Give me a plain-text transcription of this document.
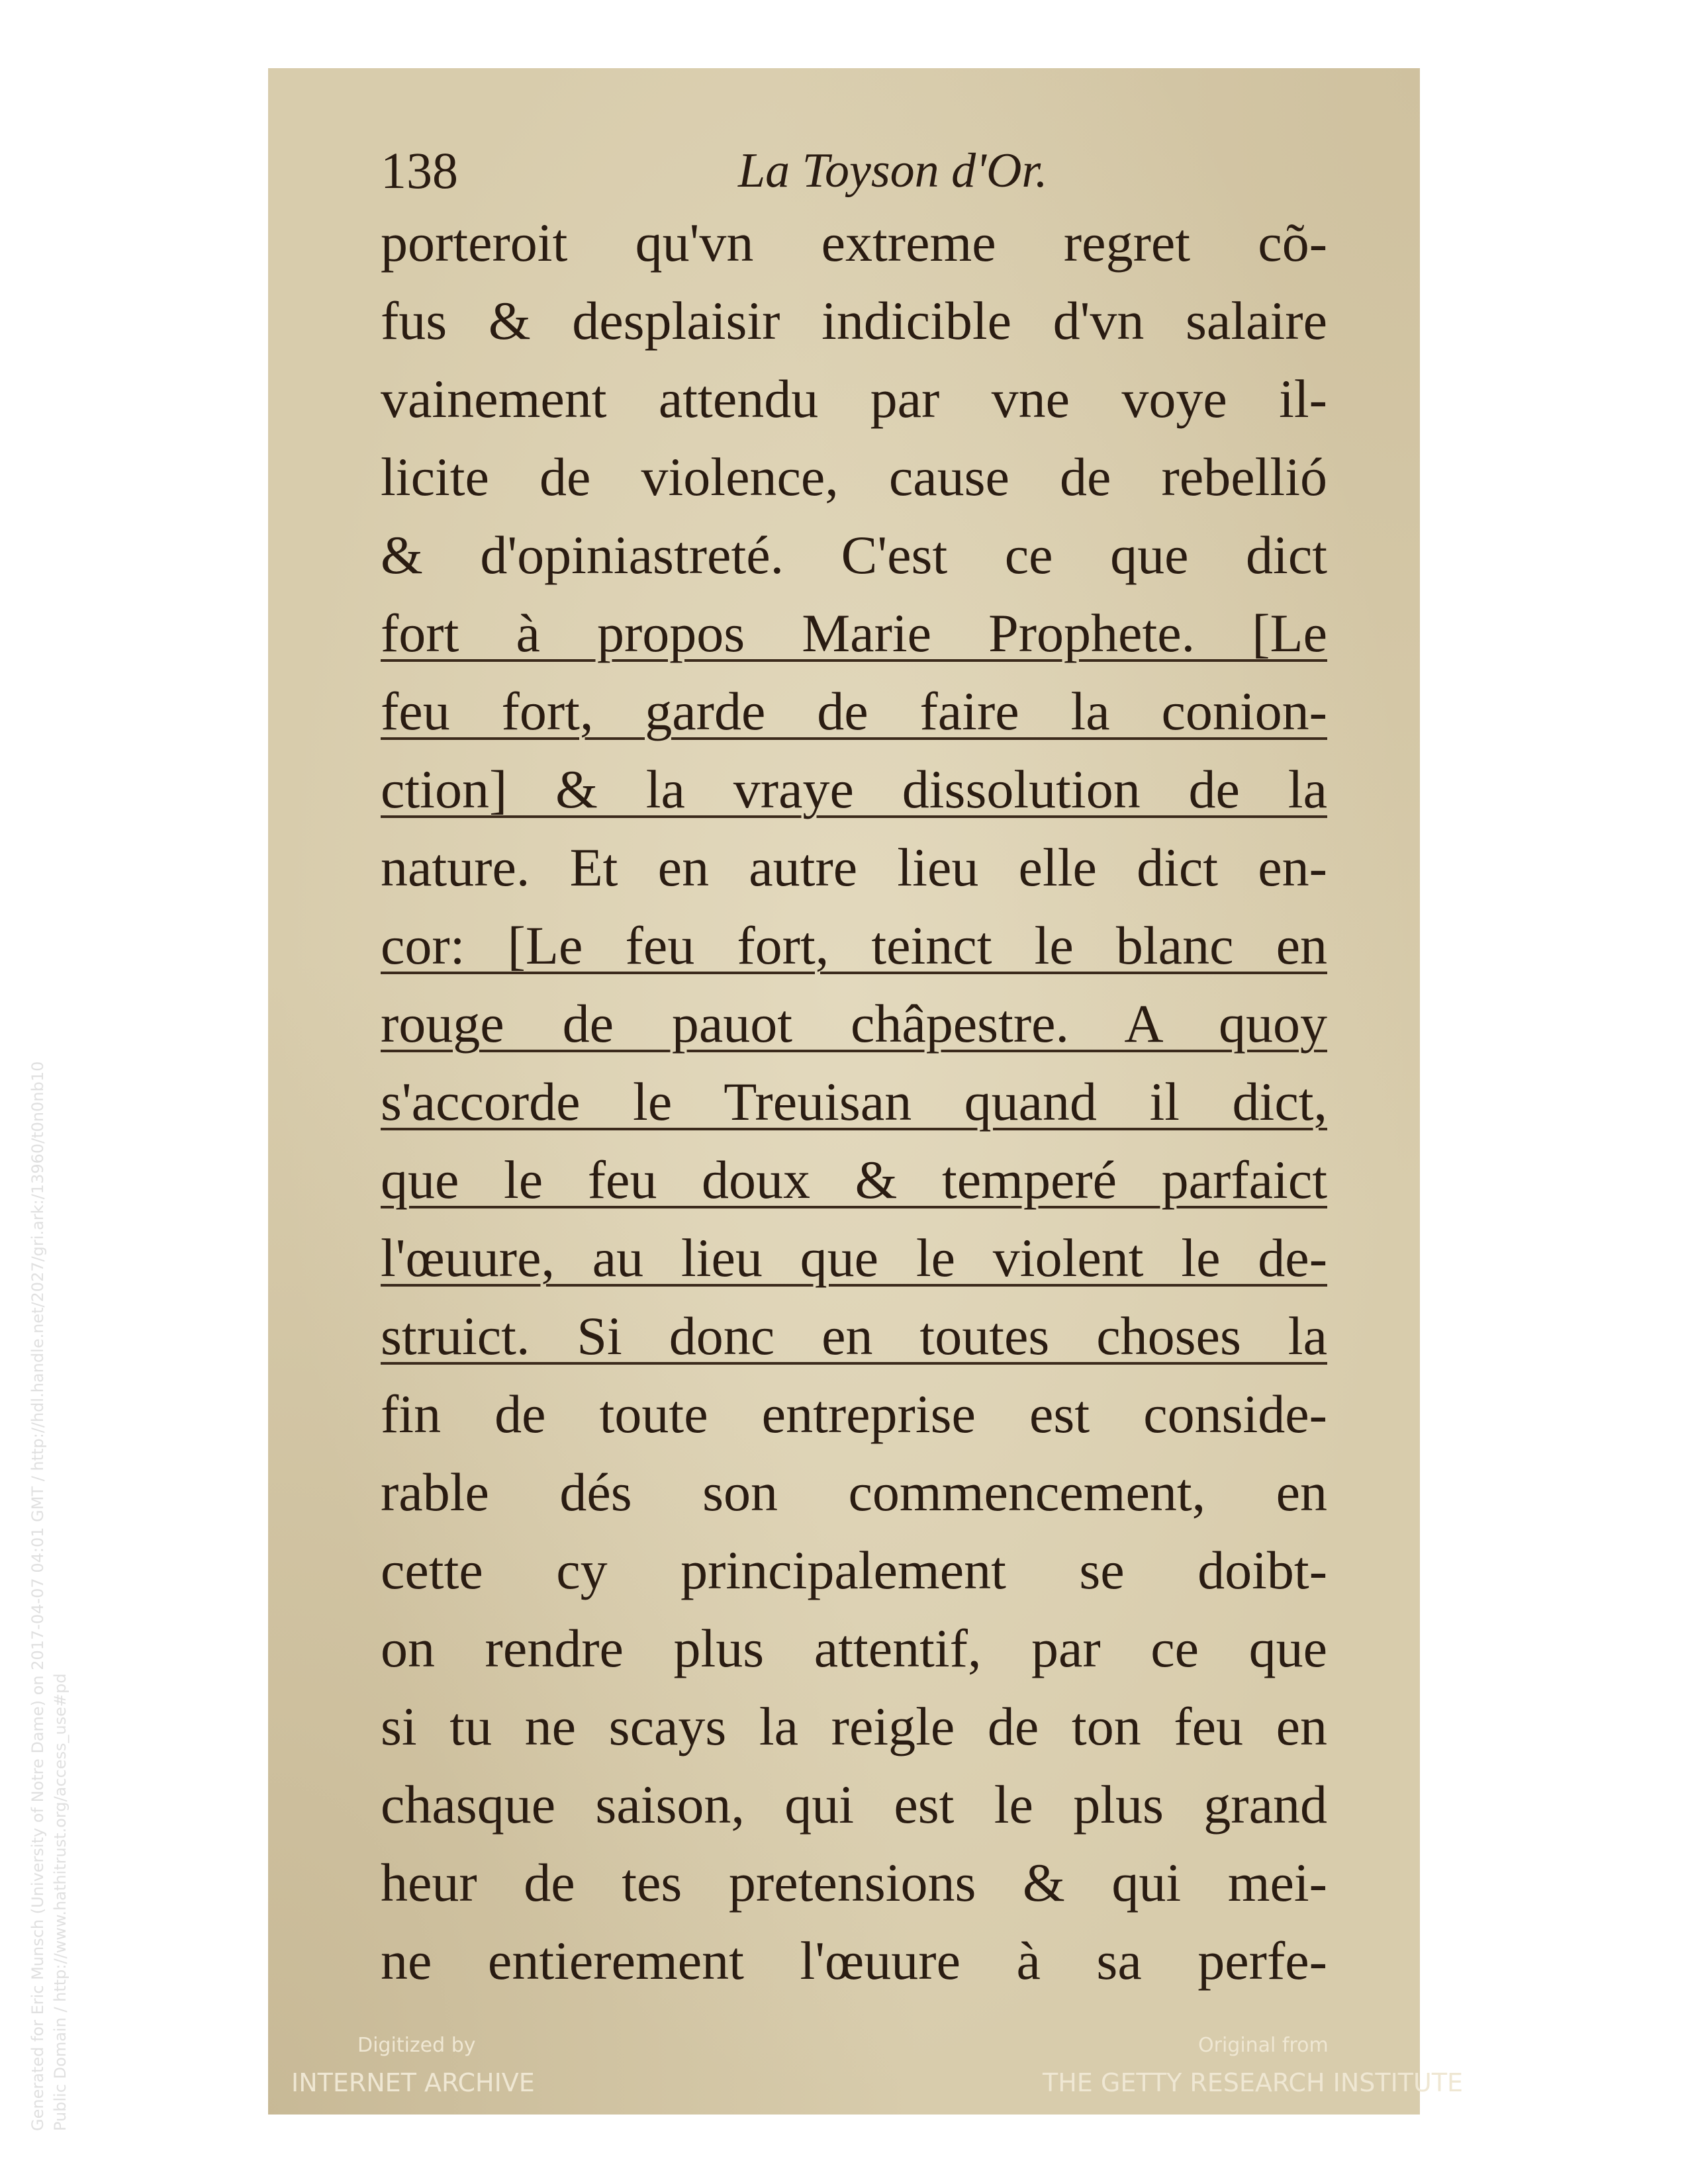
Generated for Eric Munsch (University of Notre Dame) on 2017-04-07 04:01 GMT / http://hdl.handle.net/2027/gri.ark:/13960/t0n0nb10 Public Domain / http://www.hathitrust.org/access_use#pd
138	La Toyson d'Or.
porteroit qu'vn extreme regret cõ-
fus & desplaisir indicible d'vn salaire
vainement attendu par vne voye il-
licite de violence, cause de rebellió
& d'opiniastreté. C'est ce que dict
fort à propos Marie Prophete. [Le
feu fort, garde de faire la conion-
ction] & la vraye dissolution de la
nature. Et en autre lieu elle dict en-
cor: [Le feu fort, teinct le blanc en
rouge de pauot châpestre. A quoy
s'accorde le Treuisan quand il dict,
que le feu doux & temperé parfaict
l'œuure, au lieu que le violent le de-
struict. Si donc en toutes choses la
fin de toute entreprise est conside-
rable dés son commencement, en
cette cy principalement se doibt-
on rendre plus attentif, par ce que
si tu ne scays la reigle de ton feu en
chasque saison, qui est le plus grand
heur de tes pretensions & qui mei-
ne entierement l'œuure à sa perfe-
Digitized by
INTERNET ARCHIVE
Original from
THE GETTY RESEARCH INSTITUTE
